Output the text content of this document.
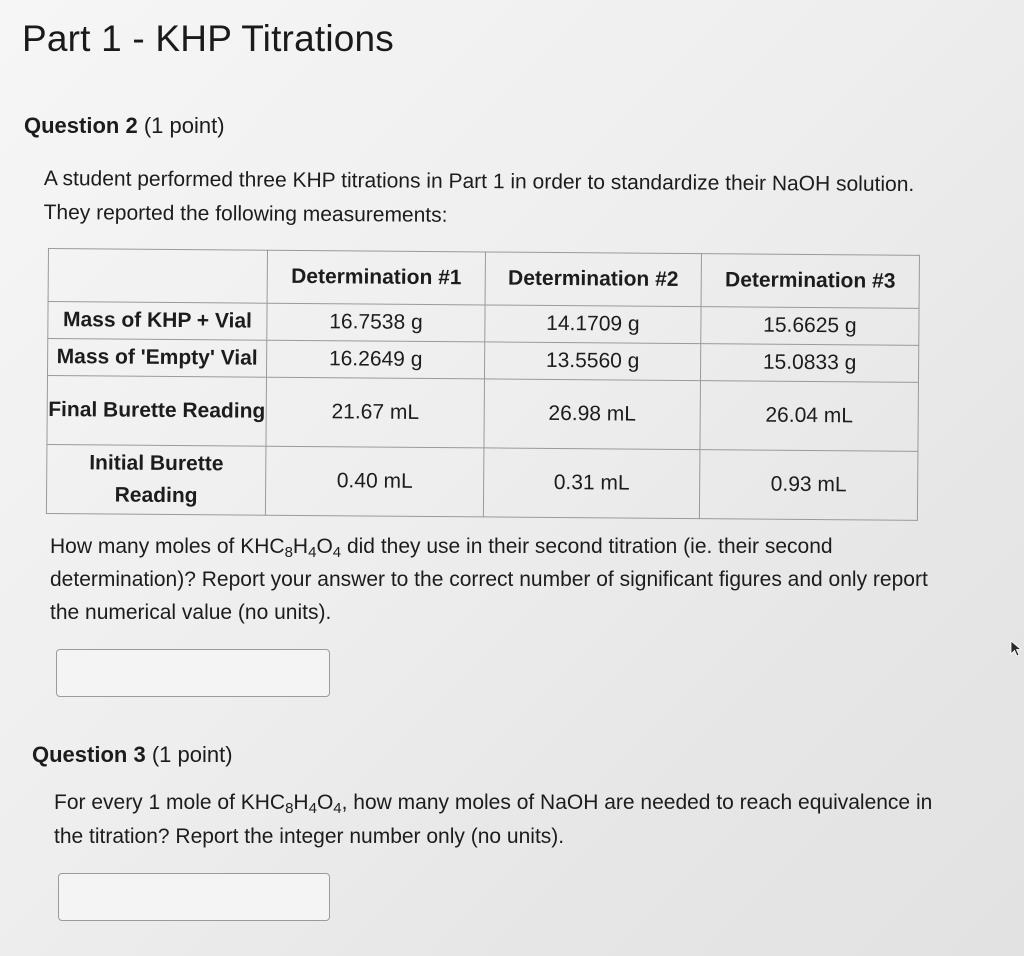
Part 1 - KHP Titrations
Question 2 (1 point)
A student performed three KHP titrations in Part 1 in order to standardize their NaOH solution. They reported the following measurements:
	Determination #1	Determination #2	Determination #3
Mass of KHP + Vial	16.7538 g	14.1709 g	15.6625 g
Mass of 'Empty' Vial	16.2649 g	13.5560 g	15.0833 g
Final Burette Reading	21.67 mL	26.98 mL	26.04 mL
Initial Burette Reading	0.40 mL	0.31 mL	0.93 mL
How many moles of $KHC_8H_4O_4$ did they use in their second titration (ie. their second determination)? Report your answer to the correct number of significant figures and only report the numerical value (no units).
Question 3 (1 point)
For every 1 mole of $KHC_8H_4O_4$, how many moles of NaOH are needed to reach equivalence in the titration? Report the integer number only (no units).
